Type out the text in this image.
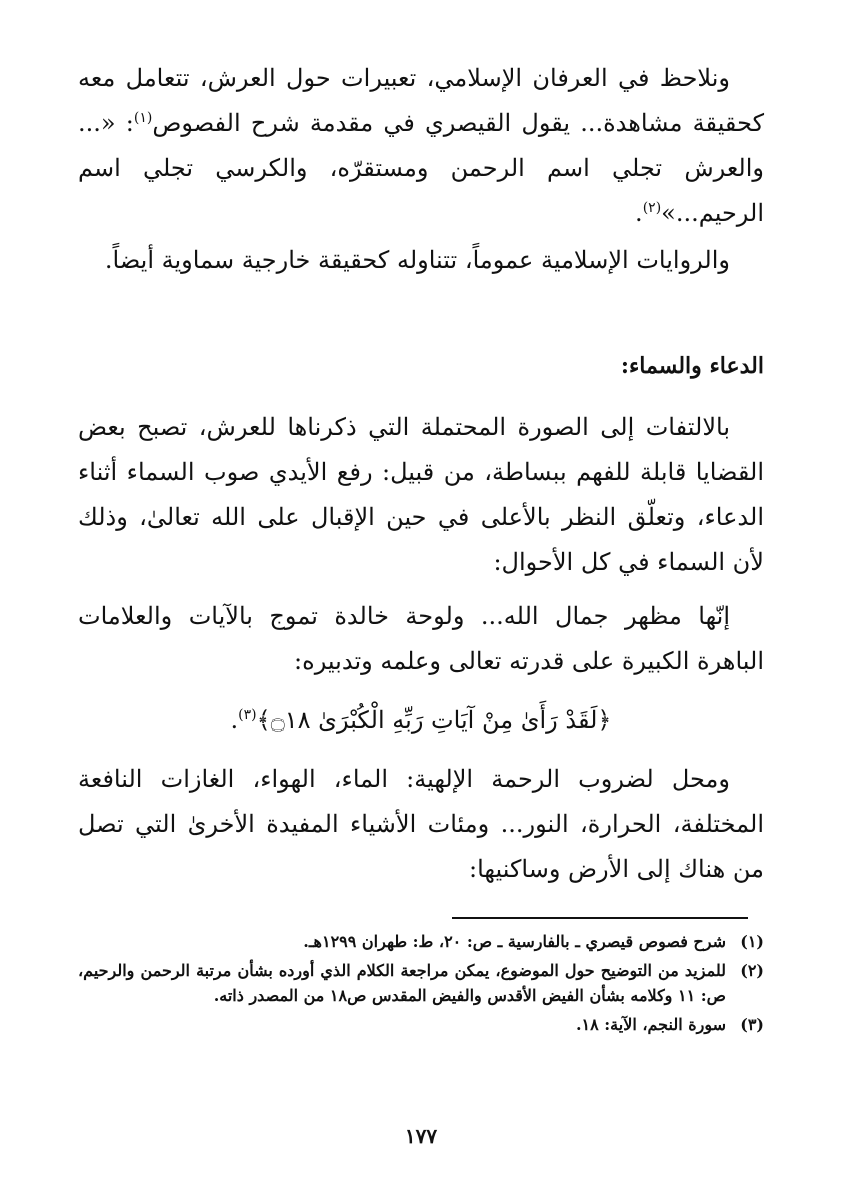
ونلاحظ في العرفان الإسلامي، تعبيرات حول العرش، تتعامل معه كحقيقة مشاهدة... يقول القيصري في مقدمة شرح الفصوص$^{(١)}$: «... والعرش تجلي اسم الرحمن ومستقرّه، والكرسي تجلي اسم الرحيم...»$^{(٢)}$.
والروايات الإسلامية عموماً، تتناوله كحقيقة خارجية سماوية أيضاً.
الدعاء والسماء:
بالالتفات إلى الصورة المحتملة التي ذكرناها للعرش، تصبح بعض القضايا قابلة للفهم ببساطة، من قبيل: رفع الأيدي صوب السماء أثناء الدعاء، وتعلّق النظر بالأعلى في حين الإقبال على الله تعالىٰ، وذلك لأن السماء في كل الأحوال:
إنّها مظهر جمال الله... ولوحة خالدة تموج بالآيات والعلامات الباهرة الكبيرة على قدرته تعالى وعلمه وتدبيره:
﴿لَقَدْ رَأَىٰ مِنْ آيَاتِ رَبِّهِ الْكُبْرَىٰ ۝١٨﴾$^{(٣)}$.
ومحل لضروب الرحمة الإلهية: الماء، الهواء، الغازات النافعة المختلفة، الحرارة، النور... ومئات الأشياء المفيدة الأخرىٰ التي تصل من هناك إلى الأرض وساكنيها:
(١)
شرح فصوص قيصري ـ بالفارسية ـ ص: ٢٠، ط: طهران ١٢٩٩هـ.
(٢)
للمزيد من التوضيح حول الموضوع، يمكن مراجعة الكلام الذي أورده بشأن مرتبة الرحمن والرحيم، ص: ١١ وكلامه بشأن الفيض الأقدس والفيض المقدس ص١٨ من المصدر ذاته.
(٣)
سورة النجم، الآية: ١٨.
١٧٧
